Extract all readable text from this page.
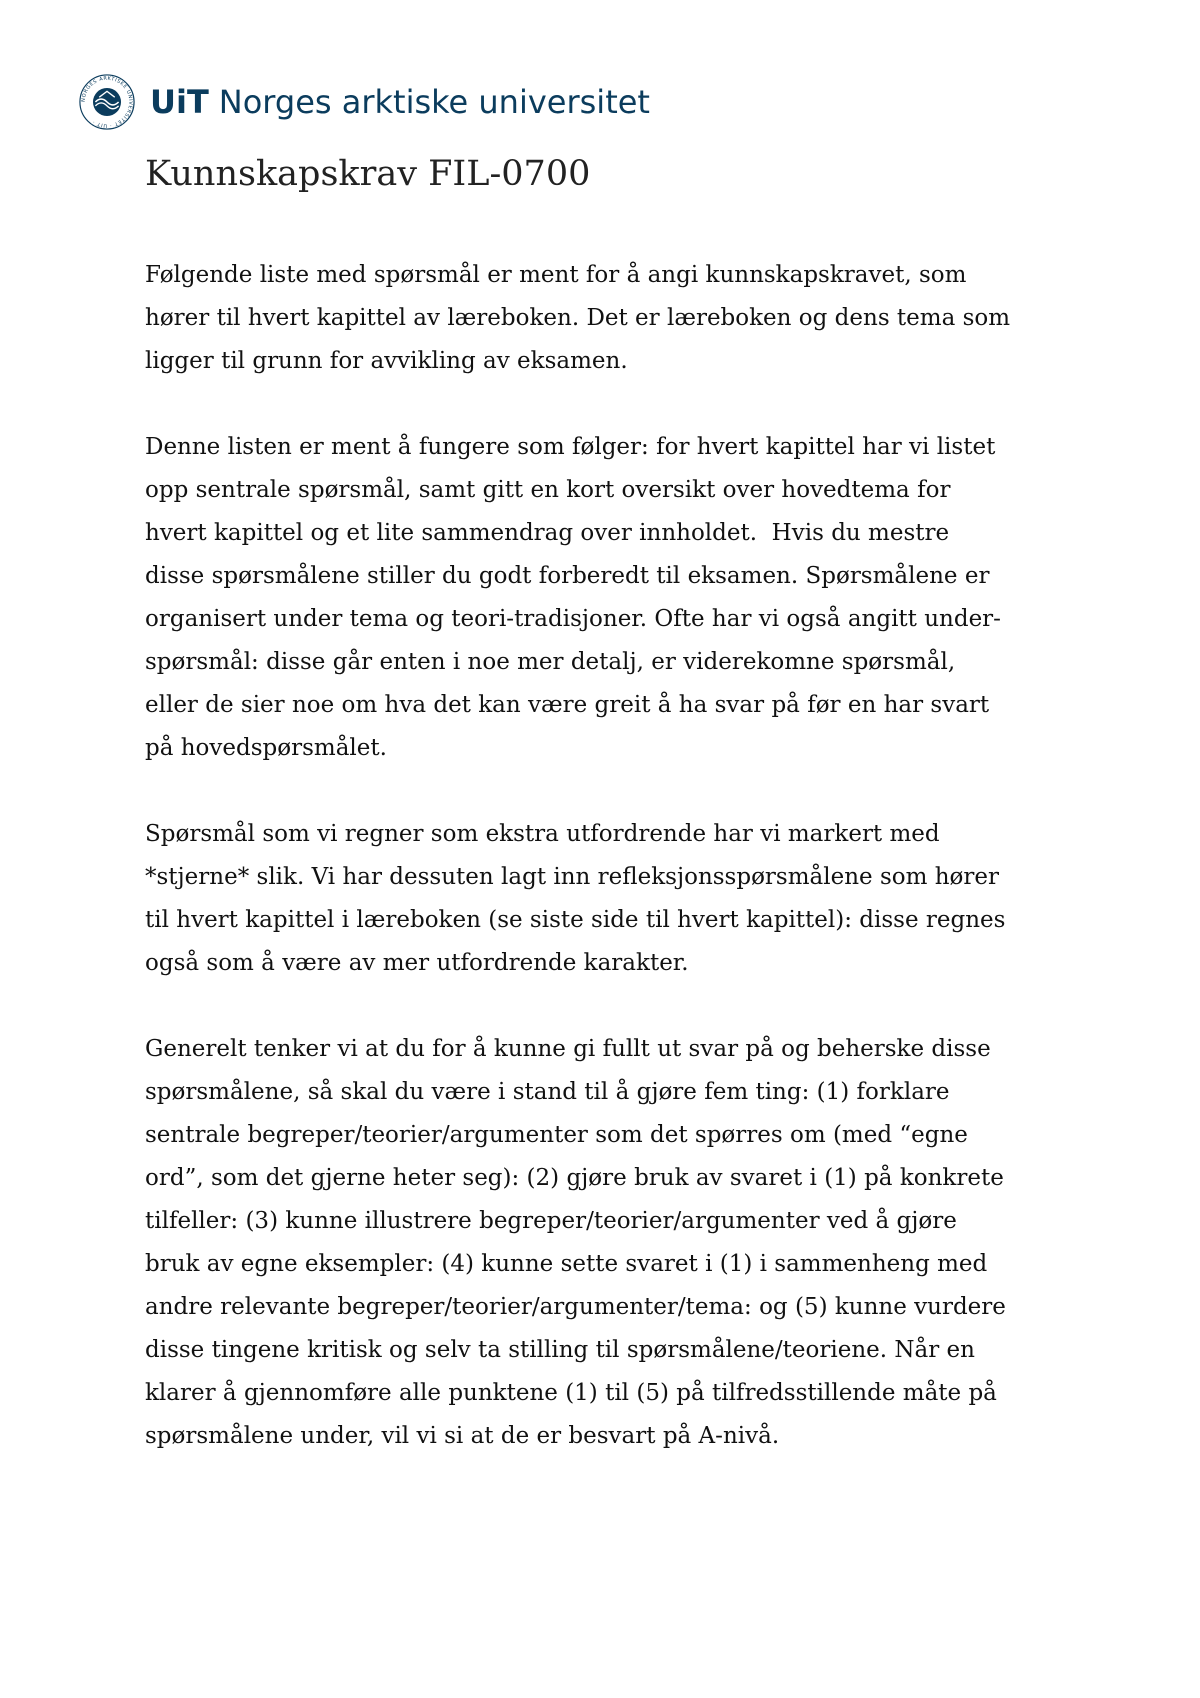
NORGES ARKTISKE UNIVERSITET · UIT ·
UiT Norges arktiske universitet
Kunnskapskrav FIL-0700

Følgende liste med spørsmål er ment for å angi kunnskapskravet, som
hører til hvert kapittel av læreboken. Det er læreboken og dens tema som
ligger til grunn for avvikling av eksamen.

Denne listen er ment å fungere som følger: for hvert kapittel har vi listet
opp sentrale spørsmål, samt gitt en kort oversikt over hovedtema for
hvert kapittel og et lite sammendrag over innholdet.  Hvis du mestre
disse spørsmålene stiller du godt forberedt til eksamen. Spørsmålene er
organisert under tema og teori-tradisjoner. Ofte har vi også angitt under-
spørsmål: disse går enten i noe mer detalj, er viderekomne spørsmål,
eller de sier noe om hva det kan være greit å ha svar på før en har svart
på hovedspørsmålet.

Spørsmål som vi regner som ekstra utfordrende har vi markert med
*stjerne* slik. Vi har dessuten lagt inn refleksjonsspørsmålene som hører
til hvert kapittel i læreboken (se siste side til hvert kapittel): disse regnes
også som å være av mer utfordrende karakter.

Generelt tenker vi at du for å kunne gi fullt ut svar på og beherske disse
spørsmålene, så skal du være i stand til å gjøre fem ting: (1) forklare
sentrale begreper/teorier/argumenter som det spørres om (med “egne
ord”, som det gjerne heter seg): (2) gjøre bruk av svaret i (1) på konkrete
tilfeller: (3) kunne illustrere begreper/teorier/argumenter ved å gjøre
bruk av egne eksempler: (4) kunne sette svaret i (1) i sammenheng med
andre relevante begreper/teorier/argumenter/tema: og (5) kunne vurdere
disse tingene kritisk og selv ta stilling til spørsmålene/teoriene. Når en
klarer å gjennomføre alle punktene (1) til (5) på tilfredsstillende måte på
spørsmålene under, vil vi si at de er besvart på A-nivå.
